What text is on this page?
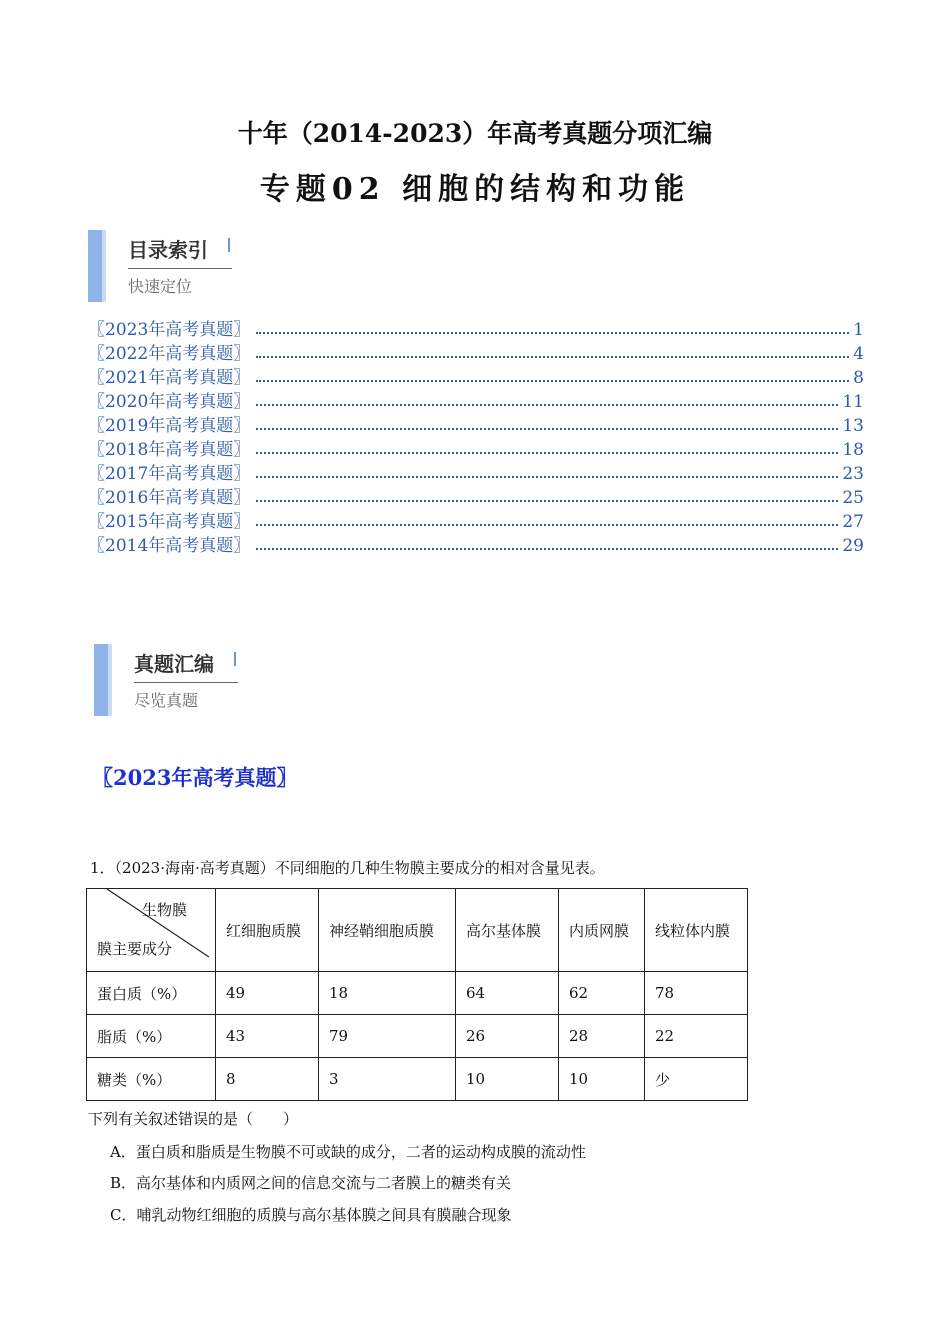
十年（2014-2023）年高考真题分项汇编
专题02 细胞的结构和功能
目录索引
快速定位
〖2023年高考真题〗	1
〖2022年高考真题〗	4
〖2021年高考真题〗	8
〖2020年高考真题〗	11
〖2019年高考真题〗	13
〖2018年高考真题〗	18
〖2017年高考真题〗	23
〖2016年高考真题〗	25
〖2015年高考真题〗	27
〖2014年高考真题〗	29
真题汇编
尽览真题
〖2023年高考真题〗
1．（2023·海南·高考真题）不同细胞的几种生物膜主要成分的相对含量见表。
生物膜
膜主要成分	红细胞质膜	神经鞘细胞质膜	高尔基体膜	内质网膜	线粒体内膜
蛋白质（%）	49	18	64	62	78
脂质（%）	43	79	26	28	22
糖类（%）	8	3	10	10	少
下列有关叙述错误的是（　　）
A．蛋白质和脂质是生物膜不可或缺的成分，二者的运动构成膜的流动性
B．高尔基体和内质网之间的信息交流与二者膜上的糖类有关
C．哺乳动物红细胞的质膜与高尔基体膜之间具有膜融合现象
